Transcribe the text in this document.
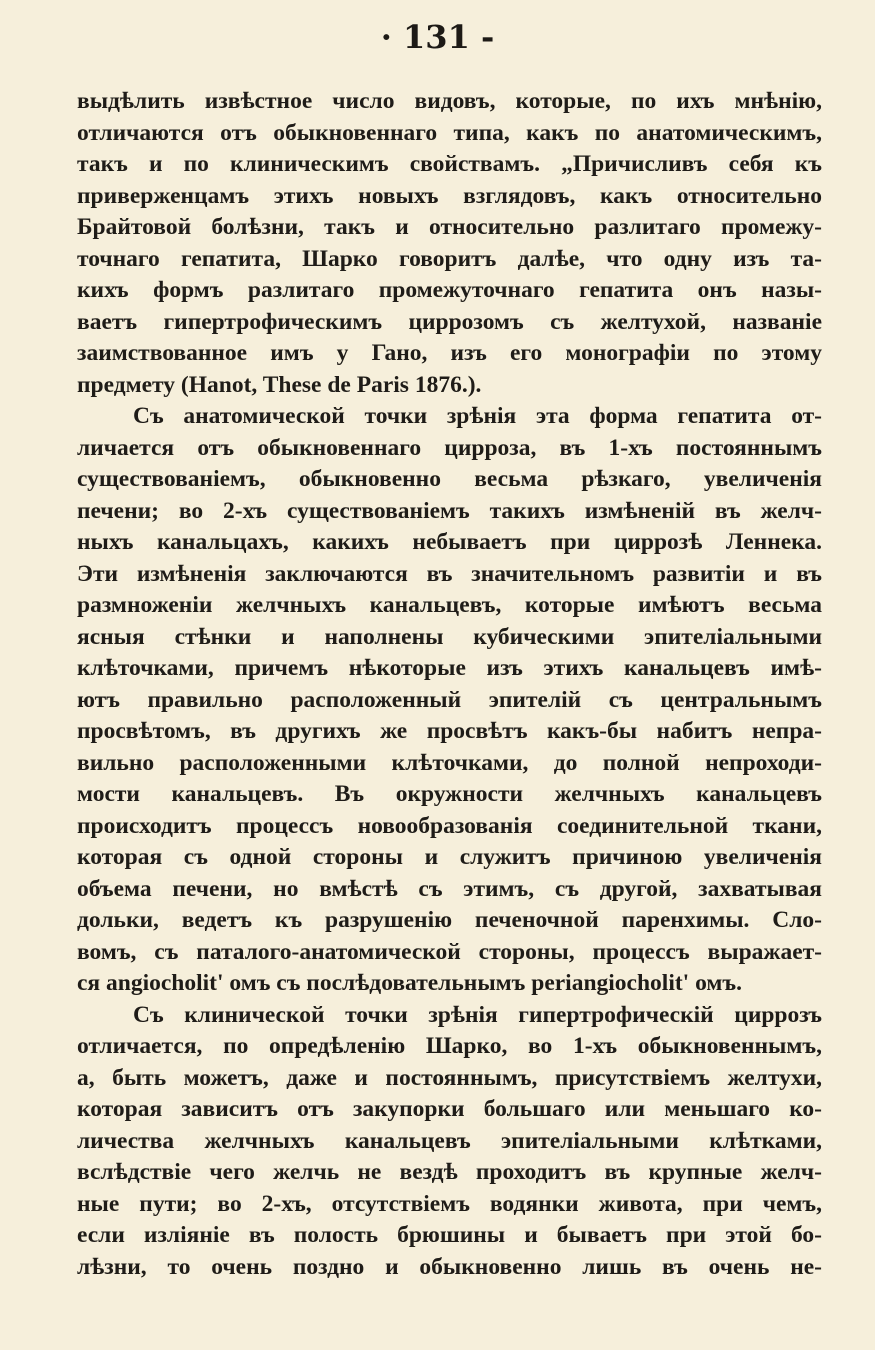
· 131 -
выдѣлить извѣстное число видовъ, которые, по ихъ мнѣнію,
отличаются отъ обыкновеннаго типа, какъ по анатомическимъ,
такъ и по клиническимъ свойствамъ. „Причисливъ себя къ
приверженцамъ этихъ новыхъ взглядовъ, какъ относительно
Брайтовой болѣзни, такъ и относительно разлитаго промежу-
точнаго гепатита, Шарко говоритъ далѣе, что одну изъ та-
кихъ формъ разлитаго промежуточнаго гепатита онъ назы-
ваетъ гипертрофическимъ циррозомъ съ желтухой, названіе
заимствованное имъ у Гано, изъ его монографіи по этому
предмету (Hanot, These de Paris 1876.).
Съ анатомической точки зрѣнія эта форма гепатита от-
личается отъ обыкновеннаго цирроза, въ 1-хъ постояннымъ
существованіемъ, обыкновенно весьма рѣзкаго, увеличенія
печени; во 2-хъ существованіемъ такихъ измѣненій въ желч-
ныхъ канальцахъ, какихъ небываетъ при циррозѣ Леннека.
Эти измѣненія заключаются въ значительномъ развитіи и въ
размноженіи желчныхъ канальцевъ, которые имѣютъ весьма
ясныя стѣнки и наполнены кубическими эпителіальными
клѣточками, причемъ нѣкоторые изъ этихъ канальцевъ имѣ-
ютъ правильно расположенный эпителій съ центральнымъ
просвѣтомъ, въ другихъ же просвѣтъ какъ-бы набитъ непра-
вильно расположенными клѣточками, до полной непроходи-
мости канальцевъ. Въ окружности желчныхъ канальцевъ
происходитъ процессъ новообразованія соединительной ткани,
которая съ одной стороны и служитъ причиною увеличенія
объема печени, но вмѣстѣ съ этимъ, съ другой, захватывая
дольки, ведетъ къ разрушенію печеночной паренхимы. Сло-
вомъ, съ паталого-анатомической стороны, процессъ выражает-
ся angiocholit' омъ съ послѣдовательнымъ periangiocholit' омъ.
Съ клинической точки зрѣнія гипертрофическій циррозъ
отличается, по опредѣленію Шарко, во 1-хъ обыкновеннымъ,
а, быть можетъ, даже и постояннымъ, присутствіемъ желтухи,
которая зависитъ отъ закупорки большаго или меньшаго ко-
личества желчныхъ канальцевъ эпителіальными клѣтками,
вслѣдствіе чего желчь не вездѣ проходитъ въ крупные желч-
ные пути; во 2-хъ, отсутствіемъ водянки живота, при чемъ,
если изліяніе въ полость брюшины и бываетъ при этой бо-
лѣзни, то очень поздно и обыкновенно лишь въ очень не-
